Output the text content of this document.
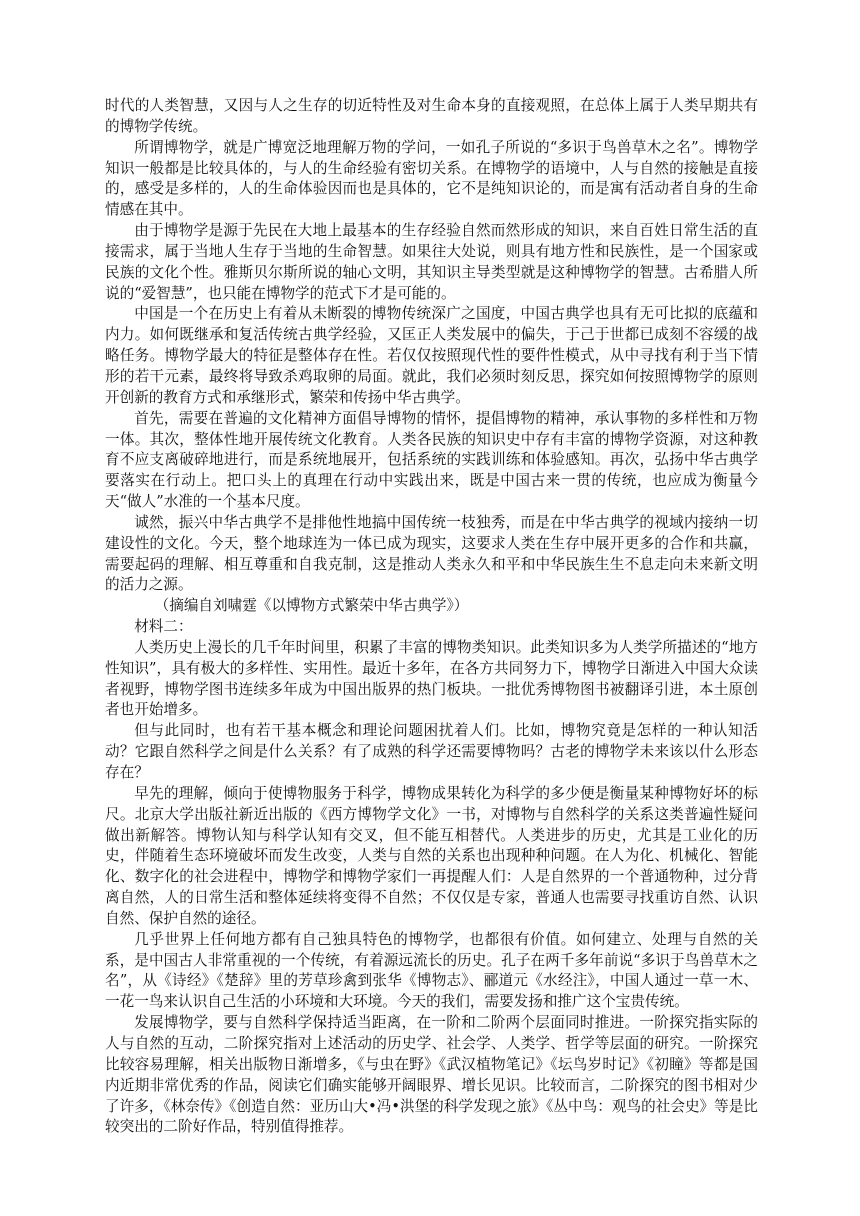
时代的人类智慧，又因与人之生存的切近特性及对生命本身的直接观照，在总体上属于人类早期共有的博物学传统。

所谓博物学，就是广博宽泛地理解万物的学问，一如孔子所说的“多识于鸟兽草木之名”。博物学知识一般都是比较具体的，与人的生命经验有密切关系。在博物学的语境中，人与自然的接触是直接的，感受是多样的，人的生命体验因而也是具体的，它不是纯知识论的，而是寓有活动者自身的生命情感在其中。

由于博物学是源于先民在大地上最基本的生存经验自然而然形成的知识，来自百姓日常生活的直接需求，属于当地人生存于当地的生命智慧。如果往大处说，则具有地方性和民族性，是一个国家或民族的文化个性。雅斯贝尔斯所说的轴心文明，其知识主导类型就是这种博物学的智慧。古希腊人所说的“爱智慧”，也只能在博物学的范式下才是可能的。

中国是一个在历史上有着从未断裂的博物传统深广之国度，中国古典学也具有无可比拟的底蕴和内力。如何既继承和复活传统古典学经验，又匡正人类发展中的偏失，于己于世都已成刻不容缓的战略任务。博物学最大的特征是整体存在性。若仅仅按照现代性的要件性模式，从中寻找有利于当下情形的若干元素，最终将导致杀鸡取卵的局面。就此，我们必须时刻反思，探究如何按照博物学的原则开创新的教育方式和承继形式，繁荣和传扬中华古典学。

首先，需要在普遍的文化精神方面倡导博物的情怀，提倡博物的精神，承认事物的多样性和万物一体。其次，整体性地开展传统文化教育。人类各民族的知识史中存有丰富的博物学资源，对这种教育不应支离破碎地进行，而是系统地展开，包括系统的实践训练和体验感知。再次，弘扬中华古典学要落实在行动上。把口头上的真理在行动中实践出来，既是中国古来一贯的传统，也应成为衡量今天“做人”水准的一个基本尺度。

诚然，振兴中华古典学不是排他性地搞中国传统一枝独秀，而是在中华古典学的视域内接纳一切建设性的文化。今天，整个地球连为一体已成为现实，这要求人类在生存中展开更多的合作和共赢，需要起码的理解、相互尊重和自我克制，这是推动人类永久和平和中华民族生生不息走向未来新文明的活力之源。

（摘编自刘啸霆《以博物方式繁荣中华古典学》）

材料二：

人类历史上漫长的几千年时间里，积累了丰富的博物类知识。此类知识多为人类学所描述的“地方性知识”，具有极大的多样性、实用性。最近十多年，在各方共同努力下，博物学日渐进入中国大众读者视野，博物学图书连续多年成为中国出版界的热门板块。一批优秀博物图书被翻译引进，本土原创者也开始增多。

但与此同时，也有若干基本概念和理论问题困扰着人们。比如，博物究竟是怎样的一种认知活动？它跟自然科学之间是什么关系？有了成熟的科学还需要博物吗？古老的博物学未来该以什么形态存在？

早先的理解，倾向于使博物服务于科学，博物成果转化为科学的多少便是衡量某种博物好坏的标尺。北京大学出版社新近出版的《西方博物学文化》一书，对博物与自然科学的关系这类普遍性疑问做出新解答。博物认知与科学认知有交叉，但不能互相替代。人类进步的历史，尤其是工业化的历史，伴随着生态环境破坏而发生改变，人类与自然的关系也出现种种问题。在人为化、机械化、智能化、数字化的社会进程中，博物学和博物学家们一再提醒人们：人是自然界的一个普通物种，过分背离自然，人的日常生活和整体延续将变得不自然；不仅仅是专家，普通人也需要寻找重访自然、认识自然、保护自然的途径。

几乎世界上任何地方都有自己独具特色的博物学，也都很有价值。如何建立、处理与自然的关系，是中国古人非常重视的一个传统，有着源远流长的历史。孔子在两千多年前说“多识于鸟兽草木之名”，从《诗经》《楚辞》里的芳草珍禽到张华《博物志》、郦道元《水经注》，中国人通过一草一木、一花一鸟来认识自己生活的小环境和大环境。今天的我们，需要发扬和推广这个宝贵传统。

发展博物学，要与自然科学保持适当距离，在一阶和二阶两个层面同时推进。一阶探究指实际的人与自然的互动，二阶探究指对上述活动的历史学、社会学、人类学、哲学等层面的研究。一阶探究比较容易理解，相关出版物日渐增多，《与虫在野》《武汉植物笔记》《坛鸟岁时记》《初瞳》等都是国内近期非常优秀的作品，阅读它们确实能够开阔眼界、增长见识。比较而言，二阶探究的图书相对少了许多，《林奈传》《创造自然：亚历山大•冯•洪堡的科学发现之旅》《丛中鸟：观鸟的社会史》等是比较突出的二阶好作品，特别值得推荐。
